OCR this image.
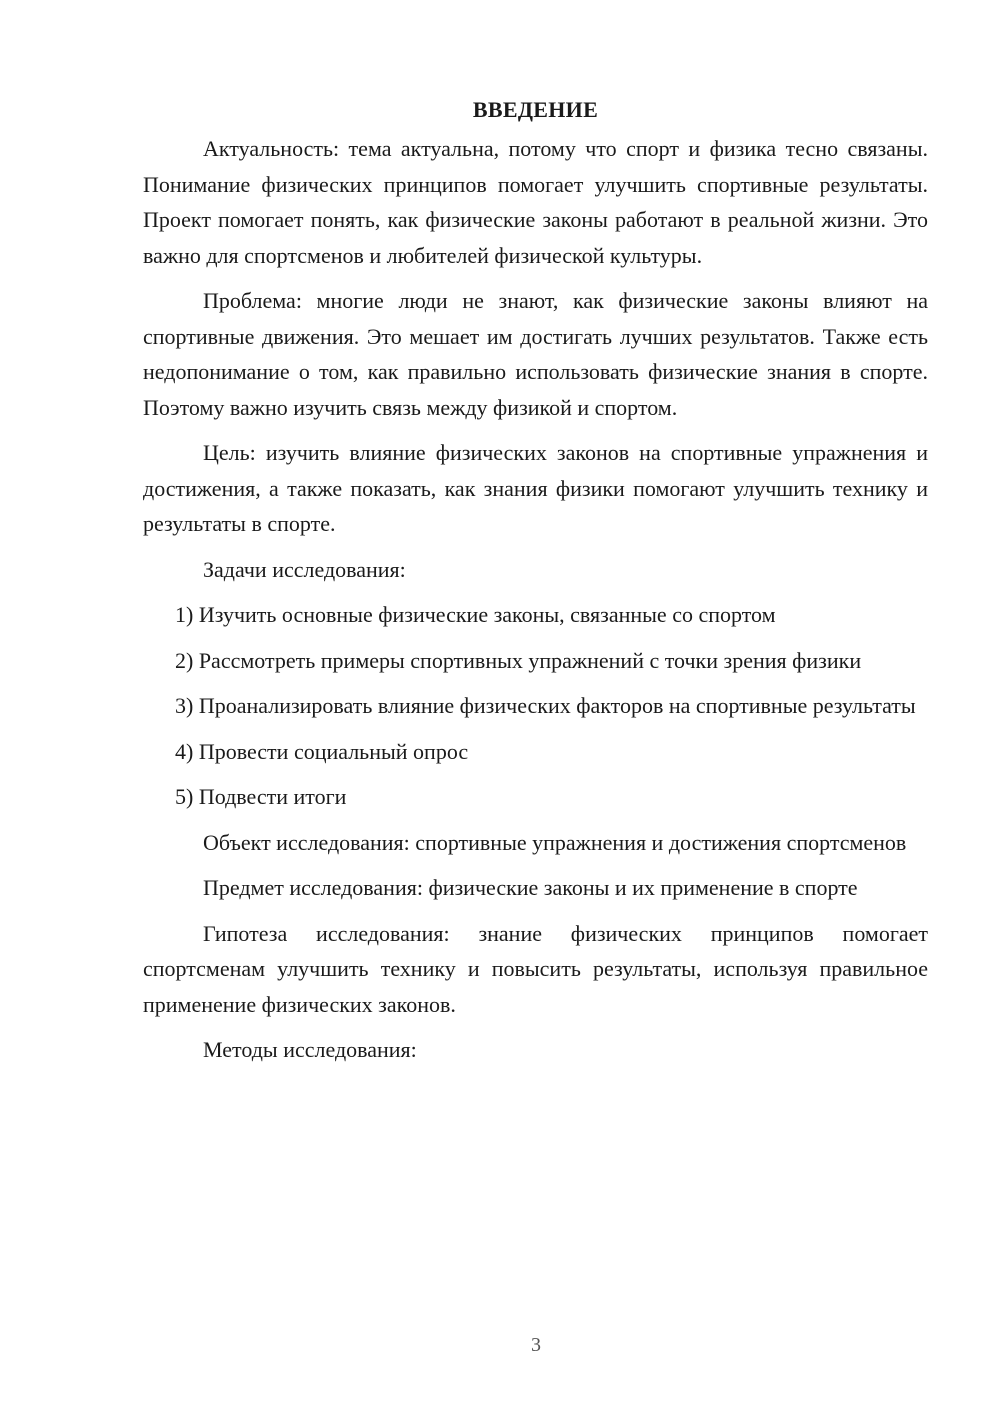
ВВЕДЕНИЕ

Актуальность: тема актуальна, потому что спорт и физика тесно связаны. Понимание физических принципов помогает улучшить спортивные результаты. Проект помогает понять, как физические законы работают в реальной жизни. Это важно для спортсменов и любителей физической культуры.

Проблема: многие люди не знают, как физические законы влияют на спортивные движения. Это мешает им достигать лучших результатов. Также есть недопонимание о том, как правильно использовать физические знания в спорте. Поэтому важно изучить связь между физикой и спортом.

Цель: изучить влияние физических законов на спортивные упражнения и достижения, а также показать, как знания физики помогают улучшить технику и результаты в спорте.

Задачи исследования:

1) Изучить основные физические законы, связанные со спортом

2) Рассмотреть примеры спортивных упражнений с точки зрения физики

3) Проанализировать влияние физических факторов на спортивные результаты

4) Провести социальный опрос

5) Подвести итоги

Объект исследования: спортивные упражнения и достижения спортсменов

Предмет исследования: физические законы и их применение в спорте

Гипотеза исследования: знание физических принципов помогает спортсменам улучшить технику и повысить результаты, используя правильное применение физических законов.

Методы исследования:

3
